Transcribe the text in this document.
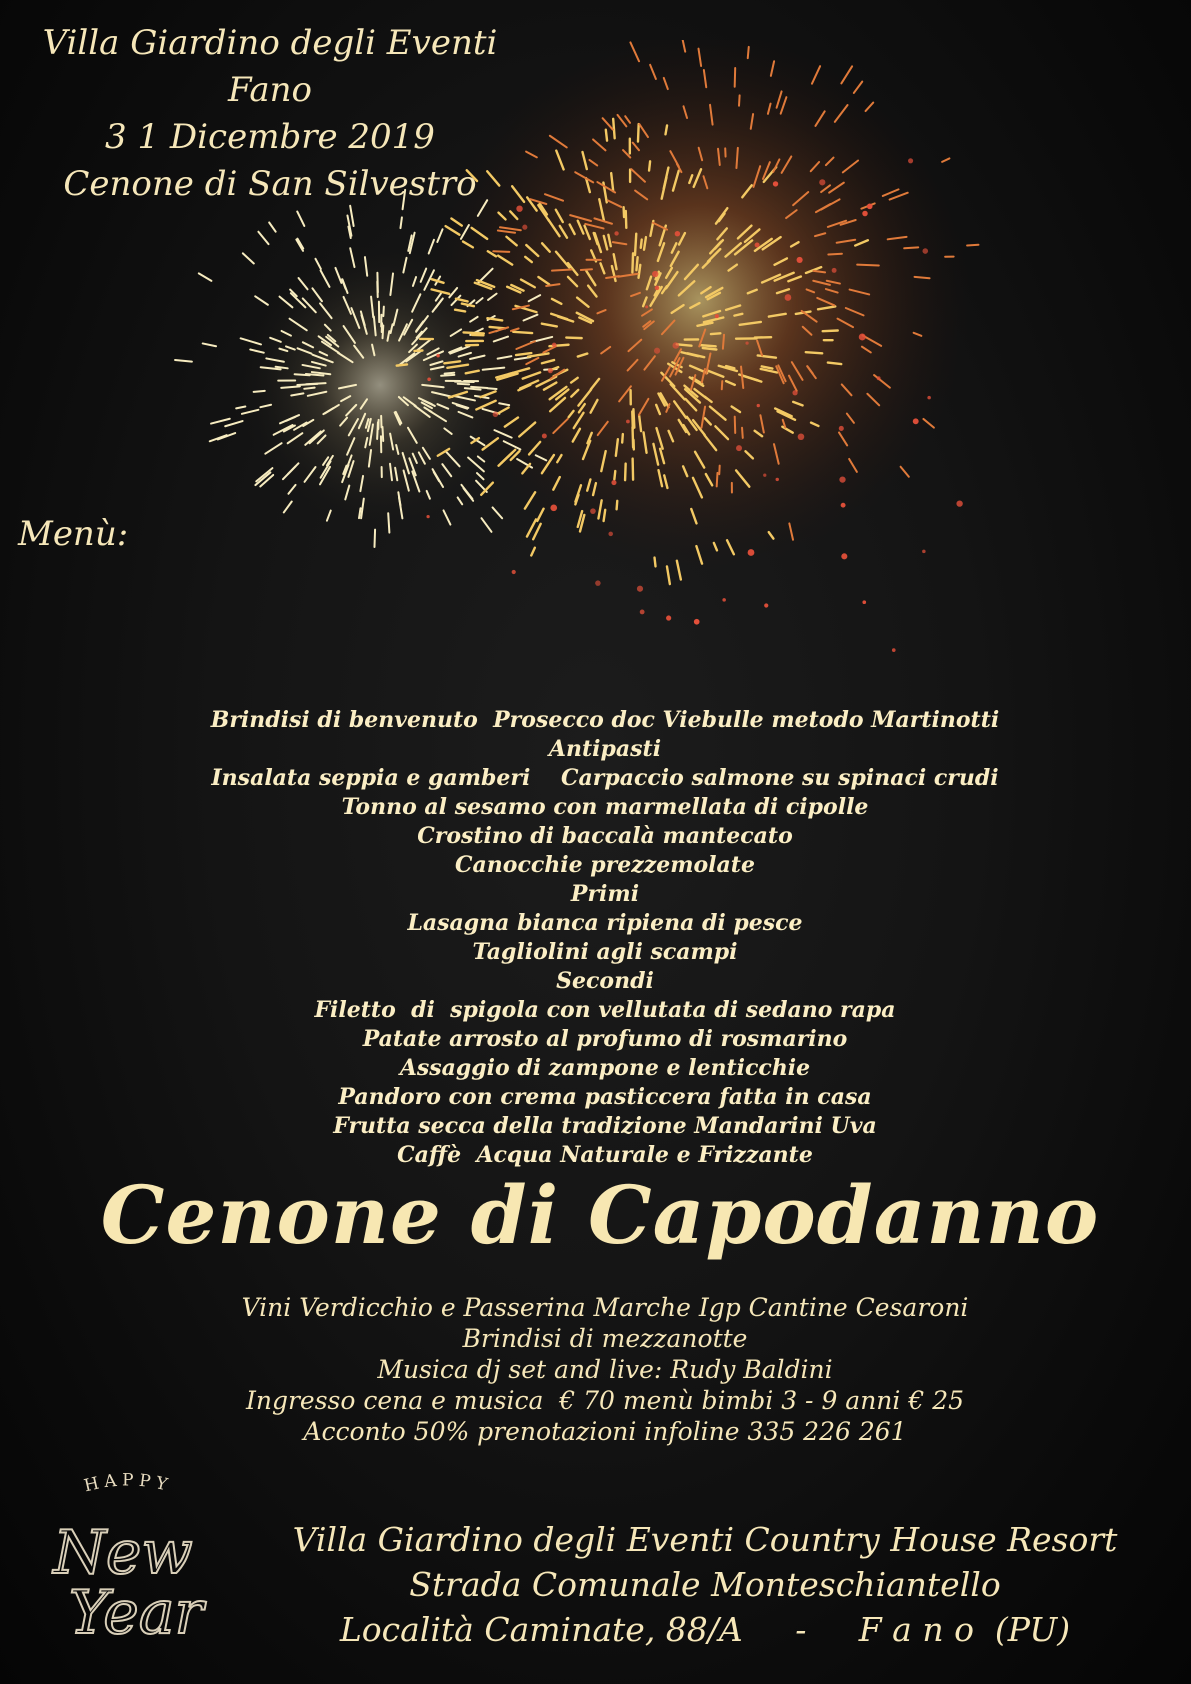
Villa Giardino degli Eventi
Fano
3 1 Dicembre 2019
Cenone di San Silvestro
Menù:
Brindisi di benvenuto  Prosecco doc Viebulle metodo Martinotti
Antipasti
Insalata seppia e gamberi    Carpaccio salmone su spinaci crudi
Tonno al sesamo con marmellata di cipolle
Crostino di baccalà mantecato
Canocchie prezzemolate
Primi
Lasagna bianca ripiena di pesce
Tagliolini agli scampi
Secondi
Filetto  di  spigola con vellutata di sedano rapa
Patate arrosto al profumo di rosmarino
Assaggio di zampone e lenticchie
Pandoro con crema pasticcera fatta in casa
Frutta secca della tradizione Mandarini Uva
Caffè  Acqua Naturale e Frizzante
Cenone di Capodanno
Vini Verdicchio e Passerina Marche Igp Cantine Cesaroni
Brindisi di mezzanotte
Musica dj set and live: Rudy Baldini
Ingresso cena e musica  € 70 menù bimbi 3 - 9 anni € 25
Acconto 50% prenotazioni infoline 335 226 261
HAPPY
New
Year
Villa Giardino degli Eventi Country House Resort
Strada Comunale Monteschiantello
Località Caminate, 88/A     -     F a n o  (PU)
